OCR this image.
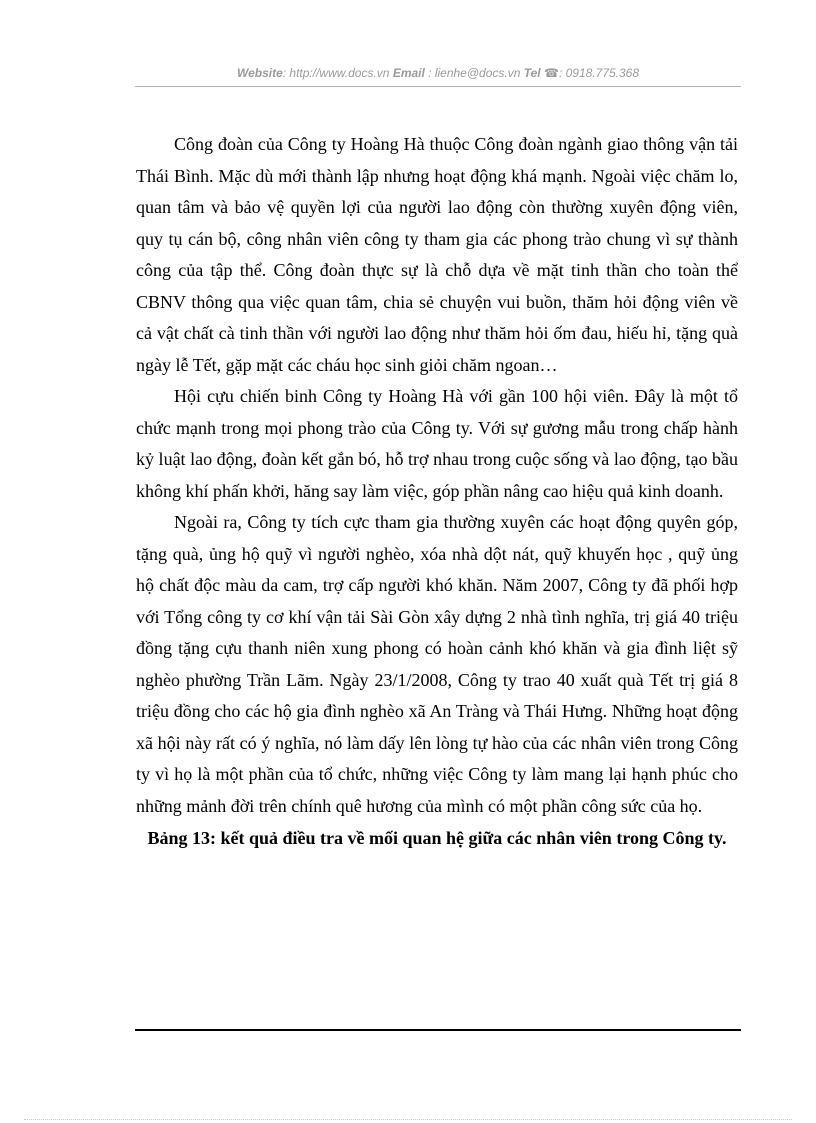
Website: http://www.docs.vn Email : lienhe@docs.vn Tel ☎: 0918.775.368

Công đoàn của Công ty Hoàng Hà thuộc Công đoàn ngành giao thông vận tải Thái Bình. Mặc dù mới thành lập nhưng hoạt động khá mạnh. Ngoài việc chăm lo, quan tâm và bảo vệ quyền lợi của người lao động còn thường xuyên động viên, quy tụ cán bộ, công nhân viên công ty tham gia các phong trào chung vì sự thành công của tập thể. Công đoàn thực sự là chỗ dựa về mặt tinh thần cho toàn thể CBNV thông qua việc quan tâm, chia sẻ chuyện vui buồn, thăm hỏi động viên về cả vật chất cà tinh thần với người lao động như thăm hỏi ốm đau, hiếu hỉ, tặng quà ngày lễ Tết, gặp mặt các cháu học sinh giỏi chăm ngoan…

Hội cựu chiến binh Công ty Hoàng Hà với gần 100 hội viên. Đây là một tổ chức mạnh trong mọi phong trào của Công ty. Với sự gương mẫu trong chấp hành kỷ luật lao động, đoàn kết gắn bó, hỗ trợ nhau trong cuộc sống và lao động, tạo bầu không khí phấn khởi, hăng say làm việc, góp phần nâng cao hiệu quả kinh doanh.

Ngoài ra, Công ty tích cực tham gia thường xuyên các hoạt động quyên góp, tặng quà, ủng hộ quỹ vì người nghèo, xóa nhà dột nát, quỹ khuyến học , quỹ ủng hộ chất độc màu da cam, trợ cấp người khó khăn. Năm 2007, Công ty đã phối hợp với Tổng công ty cơ khí vận tải Sài Gòn xây dựng 2 nhà tình nghĩa, trị giá 40 triệu đồng tặng cựu thanh niên xung phong có hoàn cảnh khó khăn và gia đình liệt sỹ nghèo phường Trần Lãm. Ngày 23/1/2008, Công ty trao 40 xuất quà Tết trị giá 8 triệu đồng cho các hộ gia đình nghèo xã An Tràng và Thái Hưng. Những hoạt động xã hội này rất có ý nghĩa, nó làm dấy lên lòng tự hào của các nhân viên trong Công ty vì họ là một phần của tổ chức, những việc Công ty làm mang lại hạnh phúc cho những mảnh đời trên chính quê hương của mình có một phần công sức của họ.

Bảng 13: kết quả điều tra về mối quan hệ giữa các nhân viên trong Công ty.
